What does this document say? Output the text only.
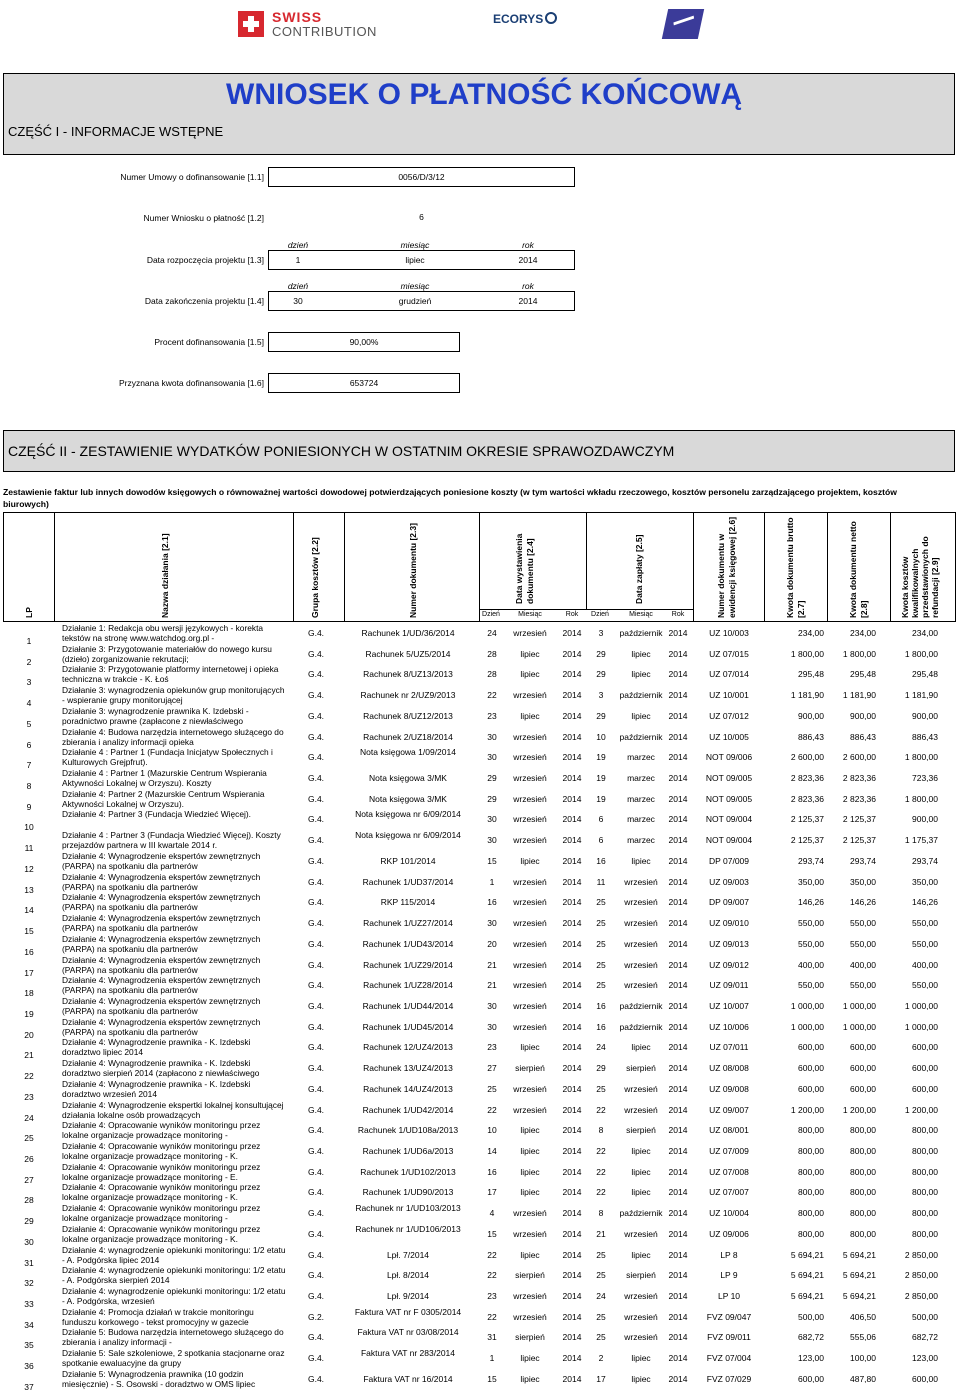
SWISS
CONTRIBUTION
ECORYS
WNIOSEK O PŁATNOŚĆ KOŃCOWĄ
CZĘŚĆ I - INFORMACJE WSTĘPNE
Numer Umowy o dofinansowanie [1.1]	0056/D/3/12
Numer Wniosku o płatność [1.2]	6
dzień	miesiąc	rok
Data rozpoczęcia projektu [1.3]	1	lipiec	2014
dzień	miesiąc	rok
Data zakończenia projektu [1.4]	30	grudzień	2014
Procent dofinansowania [1.5]	90,00%
Przyznana kwota dofinansowania [1.6]	653724
CZĘŚĆ II - ZESTAWIENIE WYDATKÓW PONIESIONYCH W OSTATNIM OKRESIE SPRAWOZDAWCZYM
Zestawienie faktur lub innych dowodów księgowych o równoważnej wartości dowodowej potwierdzających poniesione koszty (w tym wartości wkładu rzeczowego, kosztów personelu zarządzającego projektem, kosztów biurowych)
LP	Nazwa działania [2.1]	Grupa kosztów [2.2]	Numer dokumentu [2.3]	Data wystawienia dokumentu [2.4]	Data zapłaty [2.5]	Numer dokumentu w ewidencji księgowej [2.6]	Kwota dokumentu brutto [2.7]	Kwota dokumentu netto [2.8]	Kwota kosztów kwalifikowalnych przedstawionych do refundacji [2.9]
Dzień	Miesiąc	Rok	Dzień	Miesiąc	Rok
1
Działanie 1: Redakcja obu wersji językowych - korekta tekstów na stronę www.watchdog.org.pl -	G.4.	Rachunek 1/UD/36/2014	24	wrzesień	2014	3	październik 2014	UZ 10/003	234,00	234,00	234,00
2
Działanie 3: Przygotowanie materiałów do nowego kursu (dzieło) zorganizowanie rekrutacji;	G.4.	Rachunek 5/UZ5/2014	28	lipiec	2014	29	lipiec	2014	UZ 07/015	1 800,00	1 800,00	1 800,00
3
Działanie 3: Przygotowanie platformy internetowej i opieka techniczna w trakcie - K. Łoś	G.4.	Rachunek 8/UZ13/2013	28	lipiec	2014	29	lipiec	2014	UZ 07/014	295,48	295,48	295,48
4
Działanie 3: wynagrodzenia opiekunów grup monitorujących - wspieranie grupy monitorującej	G.4.	Rachunek nr 2/UZ9/2013	22	wrzesień	2014	3	październik 2014	UZ 10/001	1 181,90	1 181,90	1 181,90
5
Działanie 3: wynagrodzenie prawnika K. Izdebski - poradnictwo prawne (zapłacone z niewłaściwego	G.4.	Rachunek 8/UZ12/2013	23	lipiec	2014	29	lipiec	2014	UZ 07/012	900,00	900,00	900,00
6
Działanie 4: Budowa narzędzia internetowego służącego do zbierania i analizy informacji opieka	G.4.	Rachunek 2/UZ18/2014	30	wrzesień	2014	10	październik 2014	UZ 10/005	886,43	886,43	886,43
7
Działanie 4 : Partner 1 (Fundacja Inicjatyw Społecznych i Kulturowych Grejpfrut).	G.4.	Nota księgowa 1/09/2014	30	wrzesień	2014	19	marzec	2014	NOT 09/006	2 600,00	2 600,00	1 800,00
8
Działanie 4 : Partner 1 (Mazurskie Centrum Wspierania Aktywności Lokalnej w Orzyszu). Koszty	G.4.	Nota księgowa 3/MK	29	wrzesień	2014	19	marzec	2014	NOT 09/005	2 823,36	2 823,36	723,36
9
Działanie 4: Partner 2 (Mazurskie Centrum Wspierania Aktywności Lokalnej w Orzyszu).	G.4.	Nota księgowa 3/MK	29	wrzesień	2014	19	marzec	2014	NOT 09/005	2 823,36	2 823,36	1 800,00
10
Działanie 4: Partner 3 (Fundacja Wiedzieć Więcej).	G.4.	Nota księgowa nr 6/09/2014	30	wrzesień	2014	6	marzec	2014	NOT 09/004	2 125,37	2 125,37	900,00
11
Działanie 4 : Partner 3 (Fundacja Wiedzieć Więcej). Koszty przejazdów partnera w III kwartale 2014 r.	G.4.	Nota księgowa nr 6/09/2014	30	wrzesień	2014	6	marzec	2014	NOT 09/004	2 125,37	2 125,37	1 175,37
12
Działanie 4: Wynagrodzenie ekspertów zewnętrznych (PARPA) na spotkaniu dla partnerów	G.4.	RKP 101/2014	15	lipiec	2014	16	lipiec	2014	DP 07/009	293,74	293,74	293,74
13
Działanie 4: Wynagrodzenia ekspertów zewnętrznych (PARPA) na spotkaniu dla partnerów	G.4.	Rachunek 1/UD37/2014	1	wrzesień	2014	11	wrzesień	2014	UZ 09/003	350,00	350,00	350,00
14
Działanie 4: Wynagrodzenia ekspertów zewnętrznych (PARPA) na spotkaniu dla partnerów	G.4.	RKP 115/2014	16	wrzesień	2014	25	wrzesień	2014	DP 09/007	146,26	146,26	146,26
15
Działanie 4: Wynagrodzenia ekspertów zewnętrznych (PARPA) na spotkaniu dla partnerów	G.4.	Rachunek 1/UZ27/2014	30	wrzesień	2014	25	wrzesień	2014	UZ 09/010	550,00	550,00	550,00
16
Działanie 4: Wynagrodzenia ekspertów zewnętrznych (PARPA) na spotkaniu dla partnerów	G.4.	Rachunek 1/UD43/2014	20	wrzesień	2014	25	wrzesień	2014	UZ 09/013	550,00	550,00	550,00
17
Działanie 4: Wynagrodzenia ekspertów zewnętrznych (PARPA) na spotkaniu dla partnerów	G.4.	Rachunek 1/UZ29/2014	21	wrzesień	2014	25	wrzesień	2014	UZ 09/012	400,00	400,00	400,00
18
Działanie 4: Wynagrodzenia ekspertów zewnętrznych (PARPA) na spotkaniu dla partnerów	G.4.	Rachunek 1/UZ28/2014	21	wrzesień	2014	25	wrzesień	2014	UZ 09/011	550,00	550,00	550,00
19
Działanie 4: Wynagrodzenia ekspertów zewnętrznych (PARPA) na spotkaniu dla partnerów	G.4.	Rachunek 1/UD44/2014	30	wrzesień	2014	16	październik 2014	UZ 10/007	1 000,00	1 000,00	1 000,00
20
Działanie 4: Wynagrodzenia ekspertów zewnętrznych (PARPA) na spotkaniu dla partnerów	G.4.	Rachunek 1/UD45/2014	30	wrzesień	2014	16	październik 2014	UZ 10/006	1 000,00	1 000,00	1 000,00
21
Działanie 4: Wynagrodzenie prawnika - K. Izdebski doradztwo lipiec 2014	G.4.	Rachunek 12/UZ4/2013	23	lipiec	2014	24	lipiec	2014	UZ 07/011	600,00	600,00	600,00
22
Działanie 4: Wynagrodzenie prawnika - K. Izdebski doradztwo sierpień 2014 (zapłacono z niewłaściwego	G.4.	Rachunek 13/UZ4/2013	27	sierpień	2014	29	sierpień	2014	UZ 08/008	600,00	600,00	600,00
23
Działanie 4: Wynagrodzenie prawnika - K. Izdebski doradztwo wrzesień 2014	G.4.	Rachunek 14/UZ4/2013	25	wrzesień	2014	25	wrzesień	2014	UZ 09/008	600,00	600,00	600,00
24
Działanie 4: Wynagrodzenie ekspertki lokalnej konsultującej działania lokalne osób prowadzących	G.4.	Rachunek 1/UD42/2014	22	wrzesień	2014	22	wrzesień	2014	UZ 09/007	1 200,00	1 200,00	1 200,00
25
Działanie 4: Opracowanie wyników monitoringu przez lokalne organizacje prowadzące monitoring -	G.4.	Rachunek 1/UD108a/2013	10	lipiec	2014	8	sierpień	2014	UZ 08/001	800,00	800,00	800,00
26
Działanie 4: Opracowanie wyników monitoringu przez lokalne organizacje prowadzące monitoring - K.	G.4.	Rachunek 1/UD6a/2013	14	lipiec	2014	22	lipiec	2014	UZ 07/009	800,00	800,00	800,00
27
Działanie 4: Opracowanie wyników monitoringu przez lokalne organizacje prowadzące monitoring - E.	G.4.	Rachunek 1/UD102/2013	16	lipiec	2014	22	lipiec	2014	UZ 07/008	800,00	800,00	800,00
28
Działanie 4: Opracowanie wyników monitoringu przez lokalne organizacje prowadzące monitoring - K.	G.4.	Rachunek 1/UD90/2013	17	lipiec	2014	22	lipiec	2014	UZ 07/007	800,00	800,00	800,00
29
Działanie 4: Opracowanie wyników monitoringu przez lokalne organizacje prowadzące monitoring -	G.4.	Rachunek nr 1/UD103/2013	4	wrzesień	2014	8	październik 2014	UZ 10/004	800,00	800,00	800,00
30
Działanie 4: Opracowanie wyników monitoringu przez lokalne organizacje prowadzące monitoring - K.	G.4.	Rachunek nr 1/UD106/2013	15	wrzesień	2014	21	wrzesień	2014	UZ 09/006	800,00	800,00	800,00
31
Działanie 4: wynagrodzenie opiekunki monitoringu: 1/2 etatu - A. Podgórska lipiec 2014	G.4.	Lpł. 7/2014	22	lipiec	2014	25	lipiec	2014	LP 8	5 694,21	5 694,21	2 850,00
32
Działanie 4: wynagrodzenie opiekunki monitoringu: 1/2 etatu - A. Podgórska sierpień 2014	G.4.	Lpł. 8/2014	22	sierpień	2014	25	sierpień	2014	LP 9	5 694,21	5 694,21	2 850,00
33
Działanie 4: wynagrodzenie opiekunki monitoringu: 1/2 etatu - A. Podgórska, wrzesień	G.4.	Lpł. 9/2014	23	wrzesień	2014	24	wrzesień	2014	LP 10	5 694,21	5 694,21	2 850,00
34
Działanie 4: Promocja działań w trakcie monitoringu funduszu korkowego - tekst promocyjny w gazecie	G.2.	Faktura VAT nr F 0305/2014	22	wrzesień	2014	25	wrzesień	2014	FVZ 09/047	500,00	406,50	500,00
35
Działanie 5: Budowa narzędzia internetowego służącego do zbierania i analizy informacji -	G.4.	Faktura VAT nr 03/08/2014	31	sierpień	2014	25	wrzesień	2014	FVZ 09/011	682,72	555,06	682,72
36
Działanie 5: Sale szkoleniowe, 2 spotkania stacjonarne oraz spotkanie ewaluacyjne da grupy	G.4.	Faktura VAT nr 283/2014	1	lipiec	2014	2	lipiec	2014	FVZ 07/004	123,00	100,00	123,00
37
Działanie 5: Wynagrodzenia prawnika (10 godzin miesięcznie) - S. Osowski - doradztwo w OMS lipiec	G.4.	Faktura VAT nr 16/2014	15	lipiec	2014	17	lipiec	2014	FVZ 07/029	600,00	487,80	600,00
